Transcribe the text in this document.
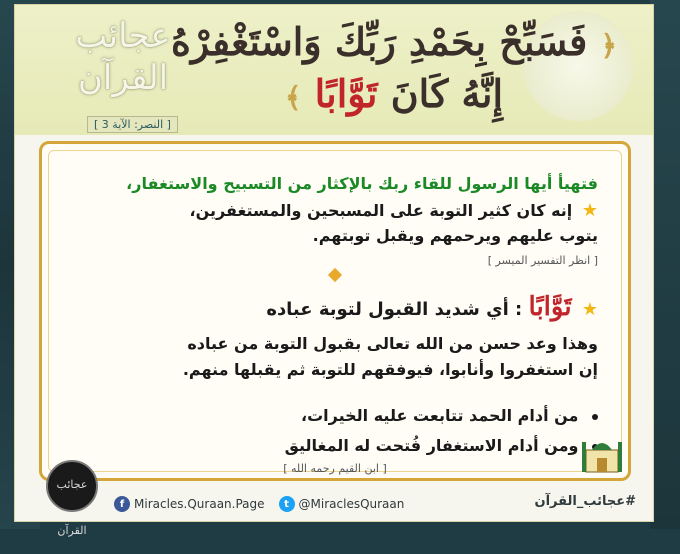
عجائب القرآن
﴿ فَسَبِّحْ بِحَمْدِ رَبِّكَ وَاسْتَغْفِرْهُ
إِنَّهُ كَانَ تَوَّابًا ﴾
[ النصر: الآية 3 ]
فتهيأ أيها الرسول للقاء ربك بالإكثار من التسبيح والاستغفار،
★ إنه كان كثير التوبة على المسبحين والمستغفرين،
يتوب عليهم ويرحمهم ويقبل توبتهم.
[ انظر التفسير الميسر ]
★ تَوَّابًا : أي شديد القبول لتوبة عباده
وهذا وعد حسن من الله تعالى بقبول التوبة من عباده
إن استغفروا وأنابوا، فيوفقهم للتوبة ثم يقبلها منهم.
من أدام الحمد تتابعت عليه الخيرات،
ومن أدام الاستغفار فُتحت له المغاليق
[ ابن القيم رحمه الله ]
عجائب القرآن
f Miracles.Quraan.Page	t @MiraclesQuraan	#عجائب_القرآن
